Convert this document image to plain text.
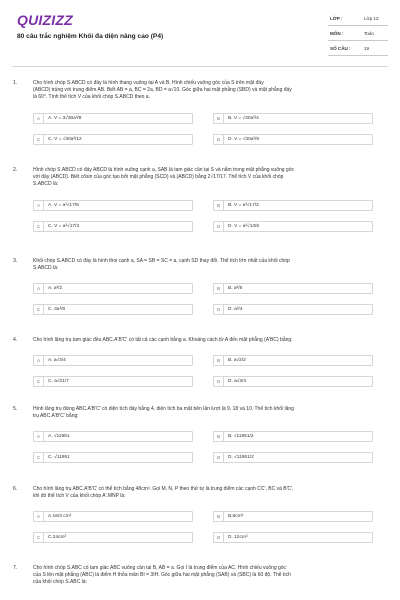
QUIZIZZ
80 câu trắc nghiệm Khối đa diện nâng cao (P4)
LỚP :	Lớp 12
MÔN :	Toán
SỐ CÂU :	19
1.	Cho hình chóp S.ABCD có đáy là hình thang vuông tại A và B. Hình chiếu vuông góc của S trên mặt đáy
(ABCD) trùng với trung điểm AB. Biết AB = a, BC = 2a, BD = a√10. Góc giữa hai mặt phẳng (SBD) và mặt phẳng đáy
là 60°. Tính thể tích V của khối chóp S.ABCD theo a.
A	A. V = 3√30a³/8	B	B. V = √30a³/4
C	C. V = √30a³/12	D	D. V = √30a³/8
2.	Hình chóp S.ABCD có đáy ABCD là hình vuông cạnh a, SAB là tam giác cân tại S và nằm trong mặt phẳng vuông góc
với đáy (ABCD). Biết côsin của góc tạo bởi mặt phẳng (SCD) và (ABCD) bằng 2√17/17. Thể tích V của khối chóp
S.ABCD là:
A	A. V = a³√17/6	B	B. V = a³√17/2
C	C. V = a³√17/3	D	D. V = a³√13/6
3.	Khối chóp S.ABCD có đáy là hình thoi cạnh a, SA = SB = SC = a, cạnh SD thay đổi. Thể tích lớn nhất của khối chóp
S.ABCD là:
A	A. a³/2	B	B. a³/8
C	C. 3a³/8	D	D. a³/4
4.	Cho hình lăng trụ tam giác đều ABC.A'B'C' có tất cả các cạnh bằng a. Khoảng cách từ A đến mặt phẳng (A'BC) bằng:
A	A. a√3/4	B	B. a√2/2
C	C. a√21/7	D	D. a√3/4
5.	Hình lăng trụ đứng ABC.A'B'C' có diện tích đáy bằng 4, diện tích ba mặt bên lần lượt là 9, 18 và 10. Thể tích khối lăng
trụ ABC.A'B'C' bằng:
A	A. √11951	B	B. √11951/2
C	C. √11951	D	D. √11951/2
6.	Cho hình lăng trụ ABC.A'B'C' có thể tích bằng 48cm³. Gọi M, N, P theo thứ tự là trung điểm các cạnh CC', BC và B'C',
khi đó thể tích V của khối chóp A'.MNP là:
A	A.16/3 cm³	B	B.8cm³
C	C.24cm³	D	D. 12cm³
7.	Cho hình chóp S.ABC có tam giác ABC vuông cân tại B, AB = a. Gọi I là trung điểm của AC. Hình chiếu vuông góc
của S lên mặt phẳng (ABC) là điểm H thỏa mãn BI = 3IH. Góc giữa hai mặt phẳng (SAB) và (SBC) là 60 độ. Thể tích
của khối chóp S.ABC là:
